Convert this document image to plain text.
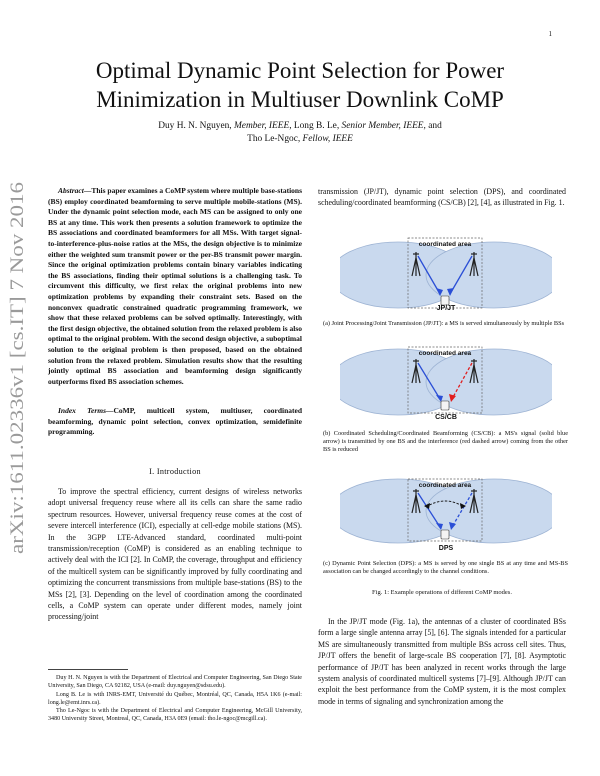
1
arXiv:1611.02336v1 [cs.IT] 7 Nov 2016
Optimal Dynamic Point Selection for Power
Minimization in Multiuser Downlink CoMP
Duy H. N. Nguyen, Member, IEEE, Long B. Le, Senior Member, IEEE, and
Tho Le-Ngoc, Fellow, IEEE

Abstract—This paper examines a CoMP system where multiple base-stations (BS) employ coordinated beamforming to serve multiple mobile-stations (MS). Under the dynamic point selection mode, each MS can be assigned to only one BS at any time. This work then presents a solution framework to optimize the BS associations and coordinated beamformers for all MSs. With target signal-to-interference-plus-noise ratios at the MSs, the design objective is to minimize either the weighted sum transmit power or the per-BS transmit power margin. Since the original optimization problems contain binary variables indicating the BS associations, finding their optimal solutions is a challenging task. To circumvent this difficulty, we first relax the original problems into new optimization problems by expanding their constraint sets. Based on the nonconvex quadratic constrained quadratic programming framework, we show that these relaxed problems can be solved optimally. Interestingly, with the first design objective, the obtained solution from the relaxed problem is also optimal to the original problem. With the second design objective, a suboptimal solution to the original problem is then proposed, based on the obtained solution from the relaxed problem. Simulation results show that the resulting jointly optimal BS association and beamforming design significantly outperforms fixed BS association schemes.

Index Terms—CoMP, multicell system, multiuser, coordinated beamforming, dynamic point selection, convex optimization, semidefinite programming.

I. Introduction

To improve the spectral efficiency, current designs of wireless networks adopt universal frequency reuse where all its cells can share the same radio spectrum resources. However, universal frequency reuse comes at the cost of severe intercell interference (ICI), especially at cell-edge mobile stations (MS). In the 3GPP LTE-Advanced standard, coordinated multi-point transmission/reception (CoMP) is considered as an enabling technique to actively deal with the ICI [2]. In CoMP, the coverage, throughput and efficiency of the multicell system can be significantly improved by fully coordinating and optimizing the concurrent transmissions from multiple base-stations (BS) to the MSs [2], [3]. Depending on the level of coordination among the coordinated cells, a CoMP system can operate under different modes, namely joint processing/joint

Duy H. N. Nguyen is with the Department of Electrical and Computer Engineering, San Diego State University, San Diego, CA 92182, USA (e-mail: duy.nguyen@sdsu.edu).

Long B. Le is with INRS-EMT, Université du Québec, Montréal, QC, Canada, H5A 1K6 (e-mail: long.le@emt.inrs.ca).

Tho Le-Ngoc is with the Department of Electrical and Computer Engineering, McGill University, 3480 University Street, Montreal, QC, Canada, H3A 0E9 (email: tho.le-ngoc@mcgill.ca).

transmission (JP/JT), dynamic point selection (DPS), and coordinated scheduling/coordinated beamforming (CS/CB) [2], [4], as illustrated in Fig. 1.

coordinated area
JP/JT
(a) Joint Processing/Joint Transmission (JP/JT): a MS is served simultaneously by multiple BSs
coordinated area
CS/CB
(b) Coordinated Scheduling/Coordinated Beamforming (CS/CB): a MS's signal (solid blue arrow) is transmitted by one BS and the interference (red dashed arrow) coming from the other BS is reduced
coordinated area
DPS
(c) Dynamic Point Selection (DPS): a MS is served by one single BS at any time and MS-BS association can be changed accordingly to the channel conditions.
Fig. 1: Example operations of different CoMP modes.

In the JP/JT mode (Fig. 1a), the antennas of a cluster of coordinated BSs form a large single antenna array [5], [6]. The signals intended for a particular MS are simultaneously transmitted from multiple BSs across cell sites. Thus, JP/JT offers the benefit of large-scale BS cooperation [7], [8]. Asymptotic performance of JP/JT has been analyzed in recent works through the large system analysis of coordinated multicell systems [7]–[9]. Although JP/JT can exploit the best performance from the CoMP system, it is the most complex mode in terms of signaling and synchronization among the
